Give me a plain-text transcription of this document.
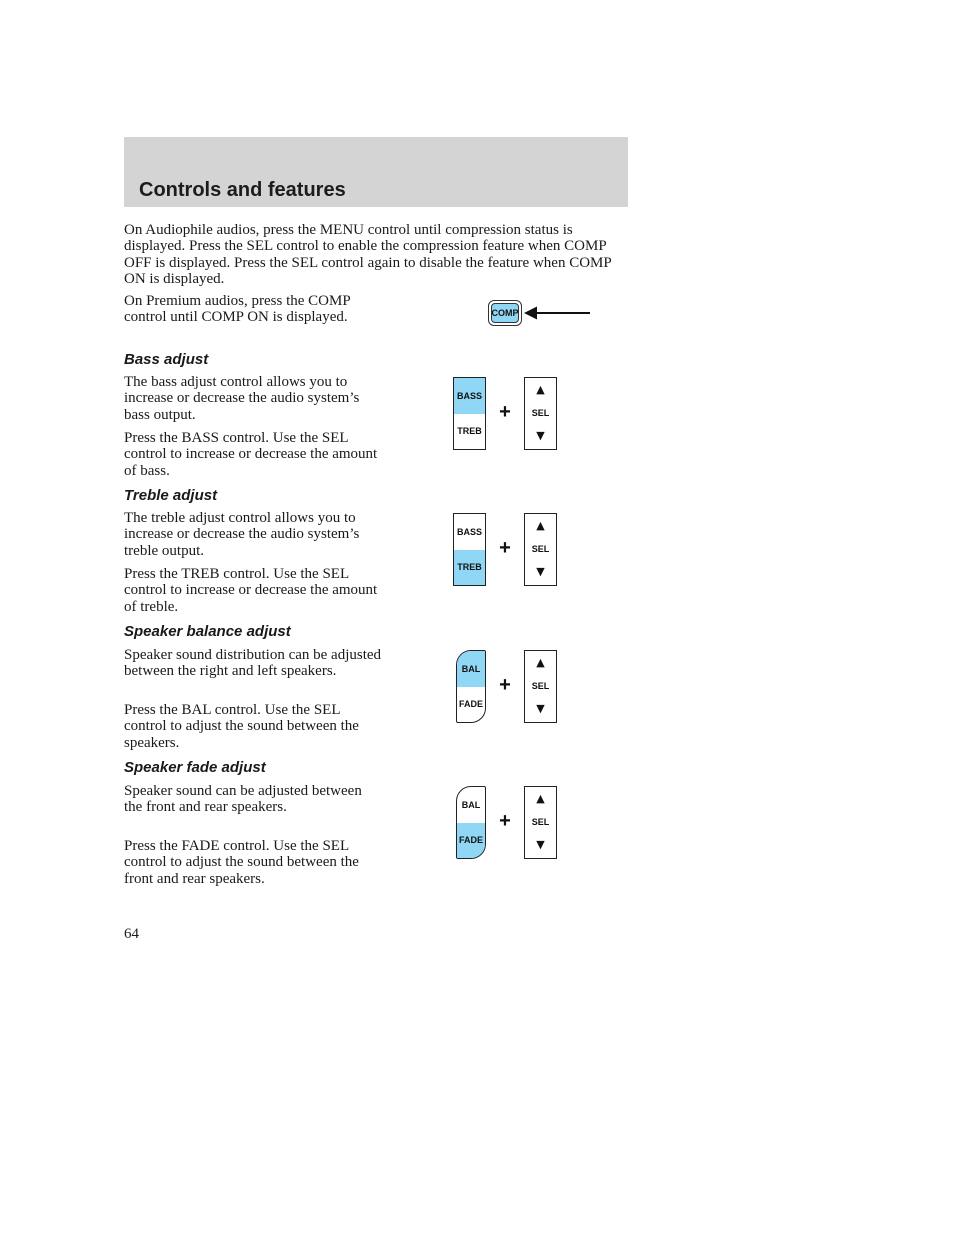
Controls and features

On Audiophile audios, press the MENU control until compression status is displayed. Press the SEL control to enable the compression feature when COMP OFF is displayed. Press the SEL control again to disable the feature when COMP ON is displayed.

On Premium audios, press the COMP control until COMP ON is displayed.	COMP
Bass adjust

The bass adjust control allows you to increase or decrease the audio system’s bass output.

Press the BASS control. Use the SEL control to increase or decrease the amount of bass.

BASS
TREB
+
▲
SEL
▼
Treble adjust

The treble adjust control allows you to increase or decrease the audio system’s treble output.

Press the TREB control. Use the SEL control to increase or decrease the amount of treble.

BASS
TREB
+
▲
SEL
▼
Speaker balance adjust

Speaker sound distribution can be adjusted between the right and left speakers.

Press the BAL control. Use the SEL control to adjust the sound between the speakers.

BAL
FADE
+
▲
SEL
▼
Speaker fade adjust

Speaker sound can be adjusted between the front and rear speakers.

Press the FADE control. Use the SEL control to adjust the sound between the front and rear speakers.

BAL
FADE
+
▲
SEL
▼

64
